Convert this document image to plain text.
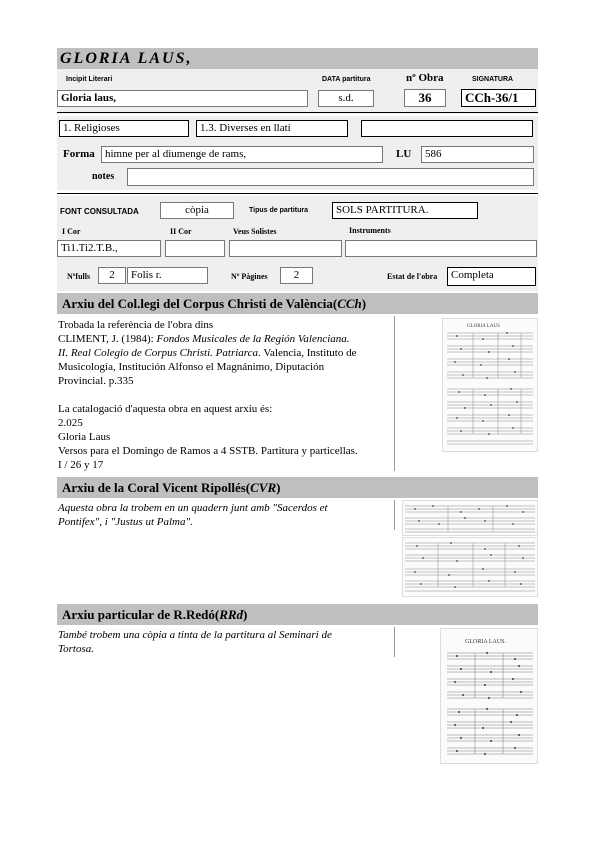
GLORIA LAUS,
Incipit Literari	DATA partitura	nº Obra	SIGNATURA
Gloria laus,	s.d.	36	CCh-36/1
1. Religioses	1.3. Diverses en llatí
Forma himne per al diumenge de rams,	LU	586
notes
FONT CONSULTADA	còpia	Tipus de partitura	SOLS PARTITURA.
I Cor	II Cor	Veus Solistes	Instruments
Ti1.Ti2.T.B.,
Nºfulls	2	Folis r.	Nº Pàgines	2	Estat de l'obra	Completa
Arxiu del Col.legi del Corpus Christi de València(CCh)
Trobada la referència de l'obra dins
CLIMENT, J. (1984): Fondos Musicales de la Región Valenciana.
II. Real Colegio de Corpus Christi. Patriarca. Valencia, Instituto de
Musicología, Institución Alfonso el Magnánimo, Diputación
Provincial. p.335
La catalogació d'aquesta obra en aquest arxiu és:
2.025
Gloria Laus
Versos para el Domingo de Ramos a 4 SSTB. Partitura y particellas.
I / 26 y 17
GLORIA LAUS
Arxiu de la Coral Vicent Ripollés(CVR)
Aquesta obra la trobem en un quadern junt amb "Sacerdos et
Pontifex", i "Justus ut Palma".
Arxiu particular de R.Redó(RRd)
També trobem una còpia a tinta de la partitura al Seminari de
Tortosa.
GLORIA LAUS.
